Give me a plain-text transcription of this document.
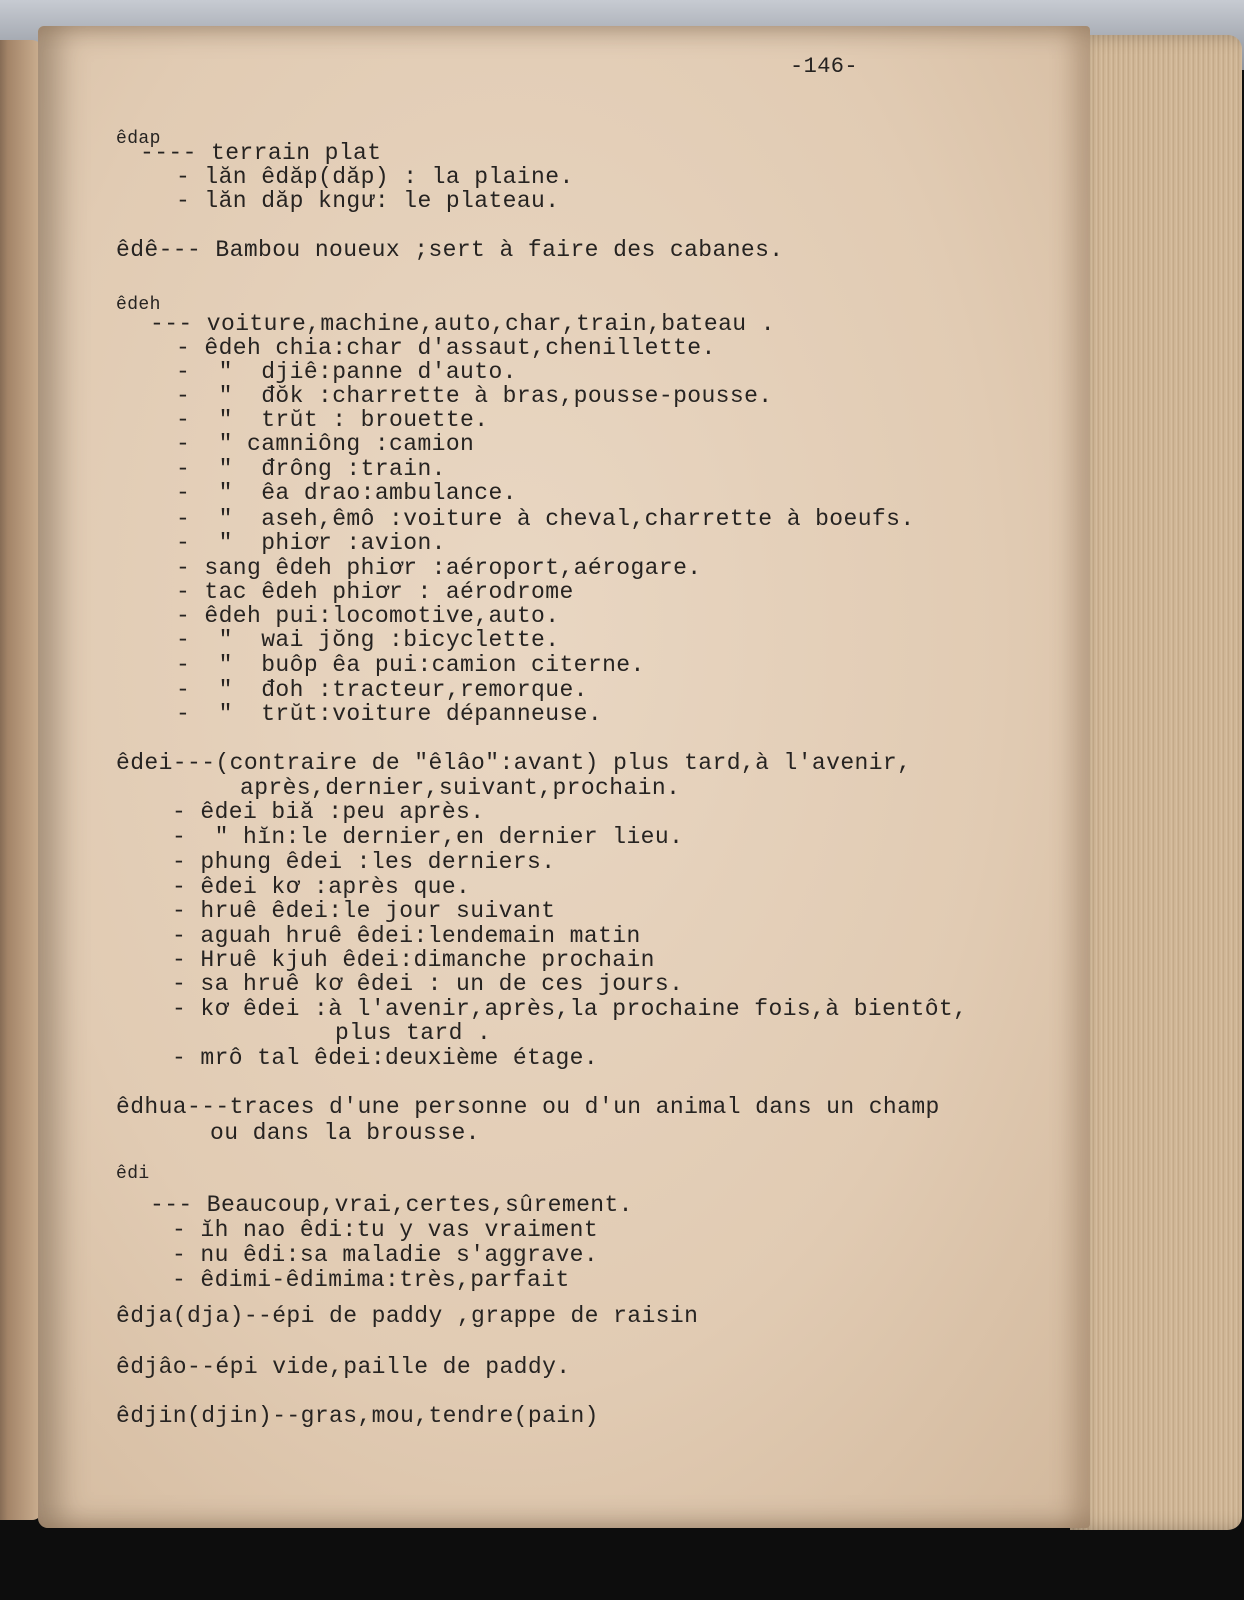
-146-
êdap
---- terrain plat
- lăn êdăp(dăp) : la plaine.
- lăn dăp kngư: le plateau.
êdê--- Bambou noueux ;sert à faire des cabanes.
êdeh
--- voiture,machine,auto,char,train,bateau .
- êdeh chia:char d'assaut,chenillette.
-  "  djiê:panne d'auto.
-  "  đŏk :charrette à bras,pousse-pousse.
-  "  trŭt : brouette.
-  " camniông :camion
-  "  đrông :train.
-  "  êa drao:ambulance.
-  "  aseh,êmô :voiture à cheval,charrette à boeufs.
-  "  phiơr :avion.
- sang êdeh phiơr :aéroport,aérogare.
- tac êdeh phiơr : aérodrome
- êdeh pui:locomotive,auto.
-  "  wai jŏng :bicyclette.
-  "  buôp êa pui:camion citerne.
-  "  đoh :tracteur,remorque.
-  "  trŭt:voiture dépanneuse.
êdei---(contraire de "êlâo":avant) plus tard,à l'avenir,
après,dernier,suivant,prochain.
- êdei biă :peu après.
-  " hĭn:le dernier,en dernier lieu.
- phung êdei :les derniers.
- êdei kơ :après que.
- hruê êdei:le jour suivant
- aguah hruê êdei:lendemain matin
- Hruê kjuh êdei:dimanche prochain
- sa hruê kơ êdei : un de ces jours.
- kơ êdei :à l'avenir,après,la prochaine fois,à bientôt,
plus tard .
- mrô tal êdei:deuxième étage.
êdhua---traces d'une personne ou d'un animal dans un champ
ou dans la brousse.
êdi
--- Beaucoup,vrai,certes,sûrement.
- ĭh nao êdi:tu y vas vraiment
- nu êdi:sa maladie s'aggrave.
- êdimi-êdimima:très,parfait
êdja(dja)--épi de paddy ,grappe de raisin
êdjâo--épi vide,paille de paddy.
êdjin(djin)--gras,mou,tendre(pain)
